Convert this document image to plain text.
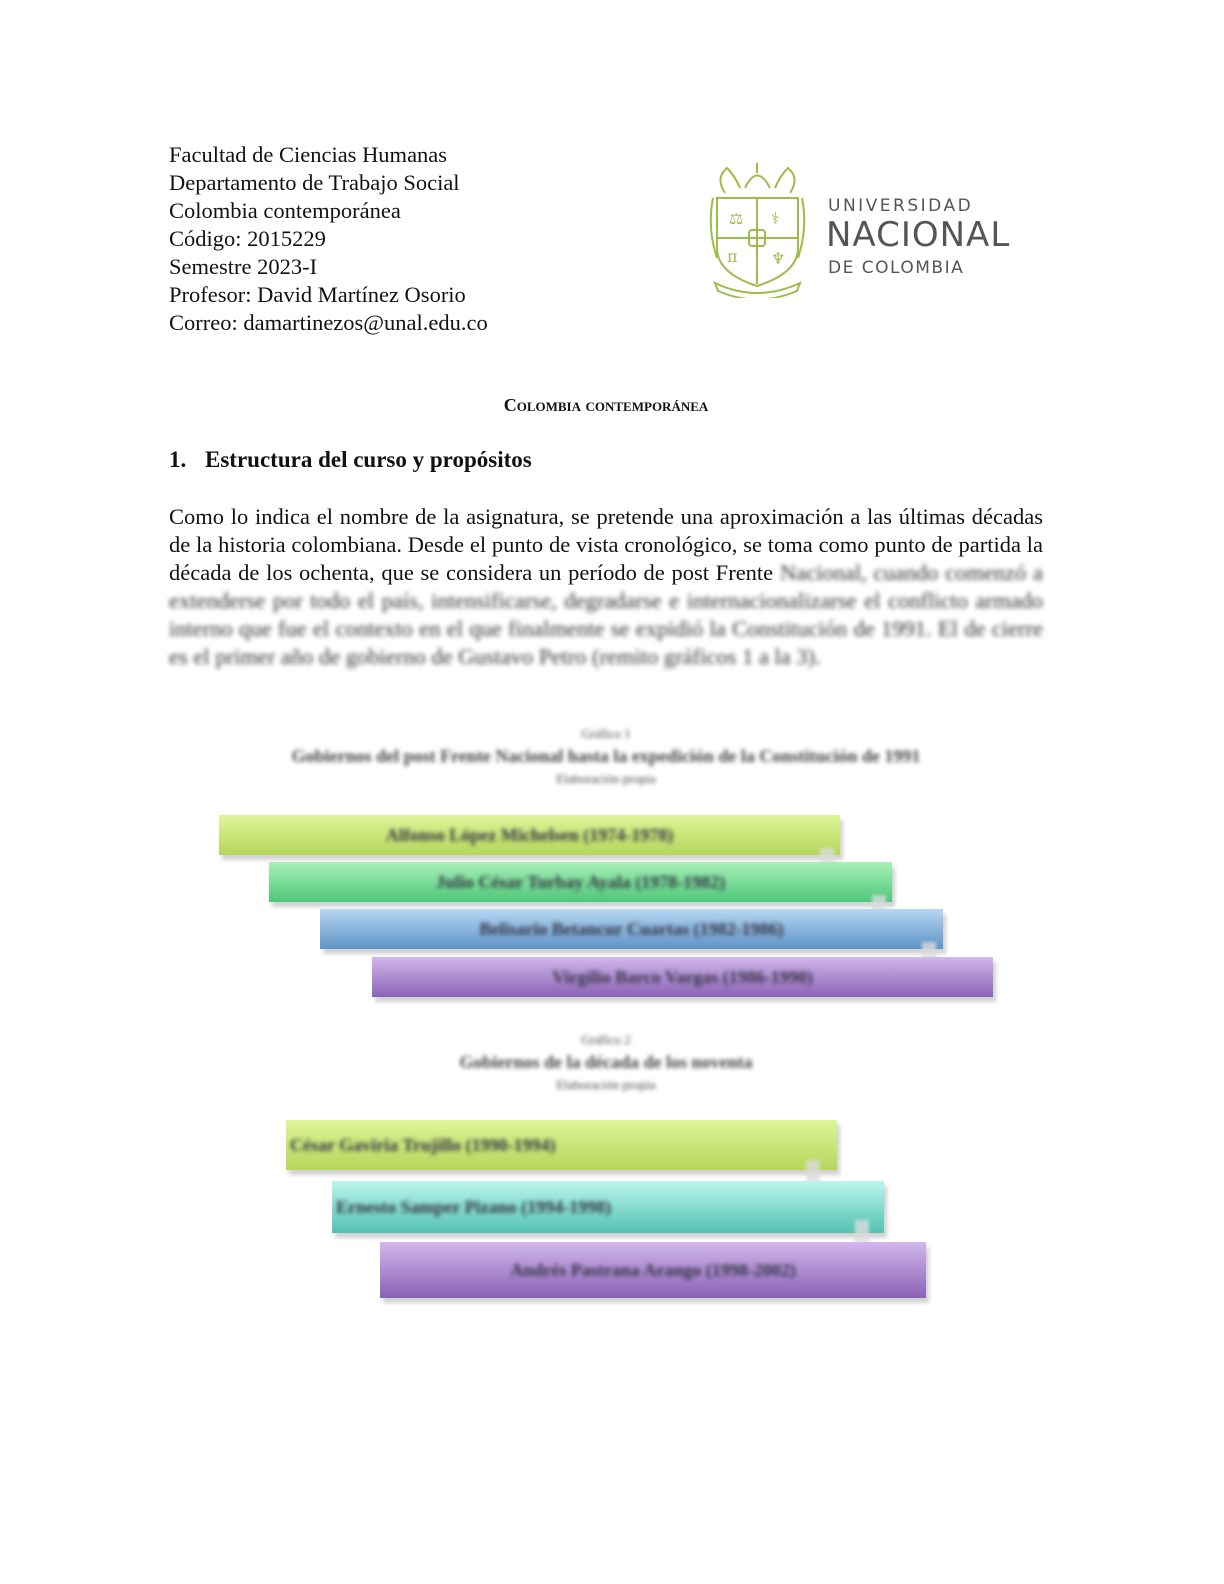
Facultad de Ciencias Humanas
Departamento de Trabajo Social
Colombia contemporánea
Código: 2015229
Semestre 2023-I
Profesor: David Martínez Osorio
Correo: damartinezos@unal.edu.co
π
⚖ ⚕
♆
UNIVERSIDAD
NACIONAL
DE COLOMBIA
Colombia contemporánea
1. Estructura del curso y propósitos
Como lo indica el nombre de la asignatura, se pretende una aproximación a las últimas décadas de la historia colombiana. Desde el punto de vista cronológico, se toma como punto de partida la década de los ochenta, que se considera un período de post Frente Nacional, cuando comenzó a extenderse por todo el país, intensificarse, degradarse e internacionalizarse el conflicto armado interno que fue el contexto en el que finalmente se expidió la Constitución de 1991. El de cierre es el primer año de gobierno de Gustavo Petro (remito gráficos 1 a la 3).
Gráfico 1
Gobiernos del post Frente Nacional hasta la expedición de la Constitución de 1991
Elaboración propia
Alfonso López Michelsen (1974-1978)
Julio César Turbay Ayala (1978-1982)
Belisario Betancur Cuartas (1982-1986)
Virgilio Barco Vargas (1986-1990)
Gráfico 2
Gobiernos de la década de los noventa
Elaboración propia
César Gaviria Trujillo (1990-1994)
Ernesto Samper Pizano (1994-1998)
Andrés Pastrana Arango (1998-2002)
